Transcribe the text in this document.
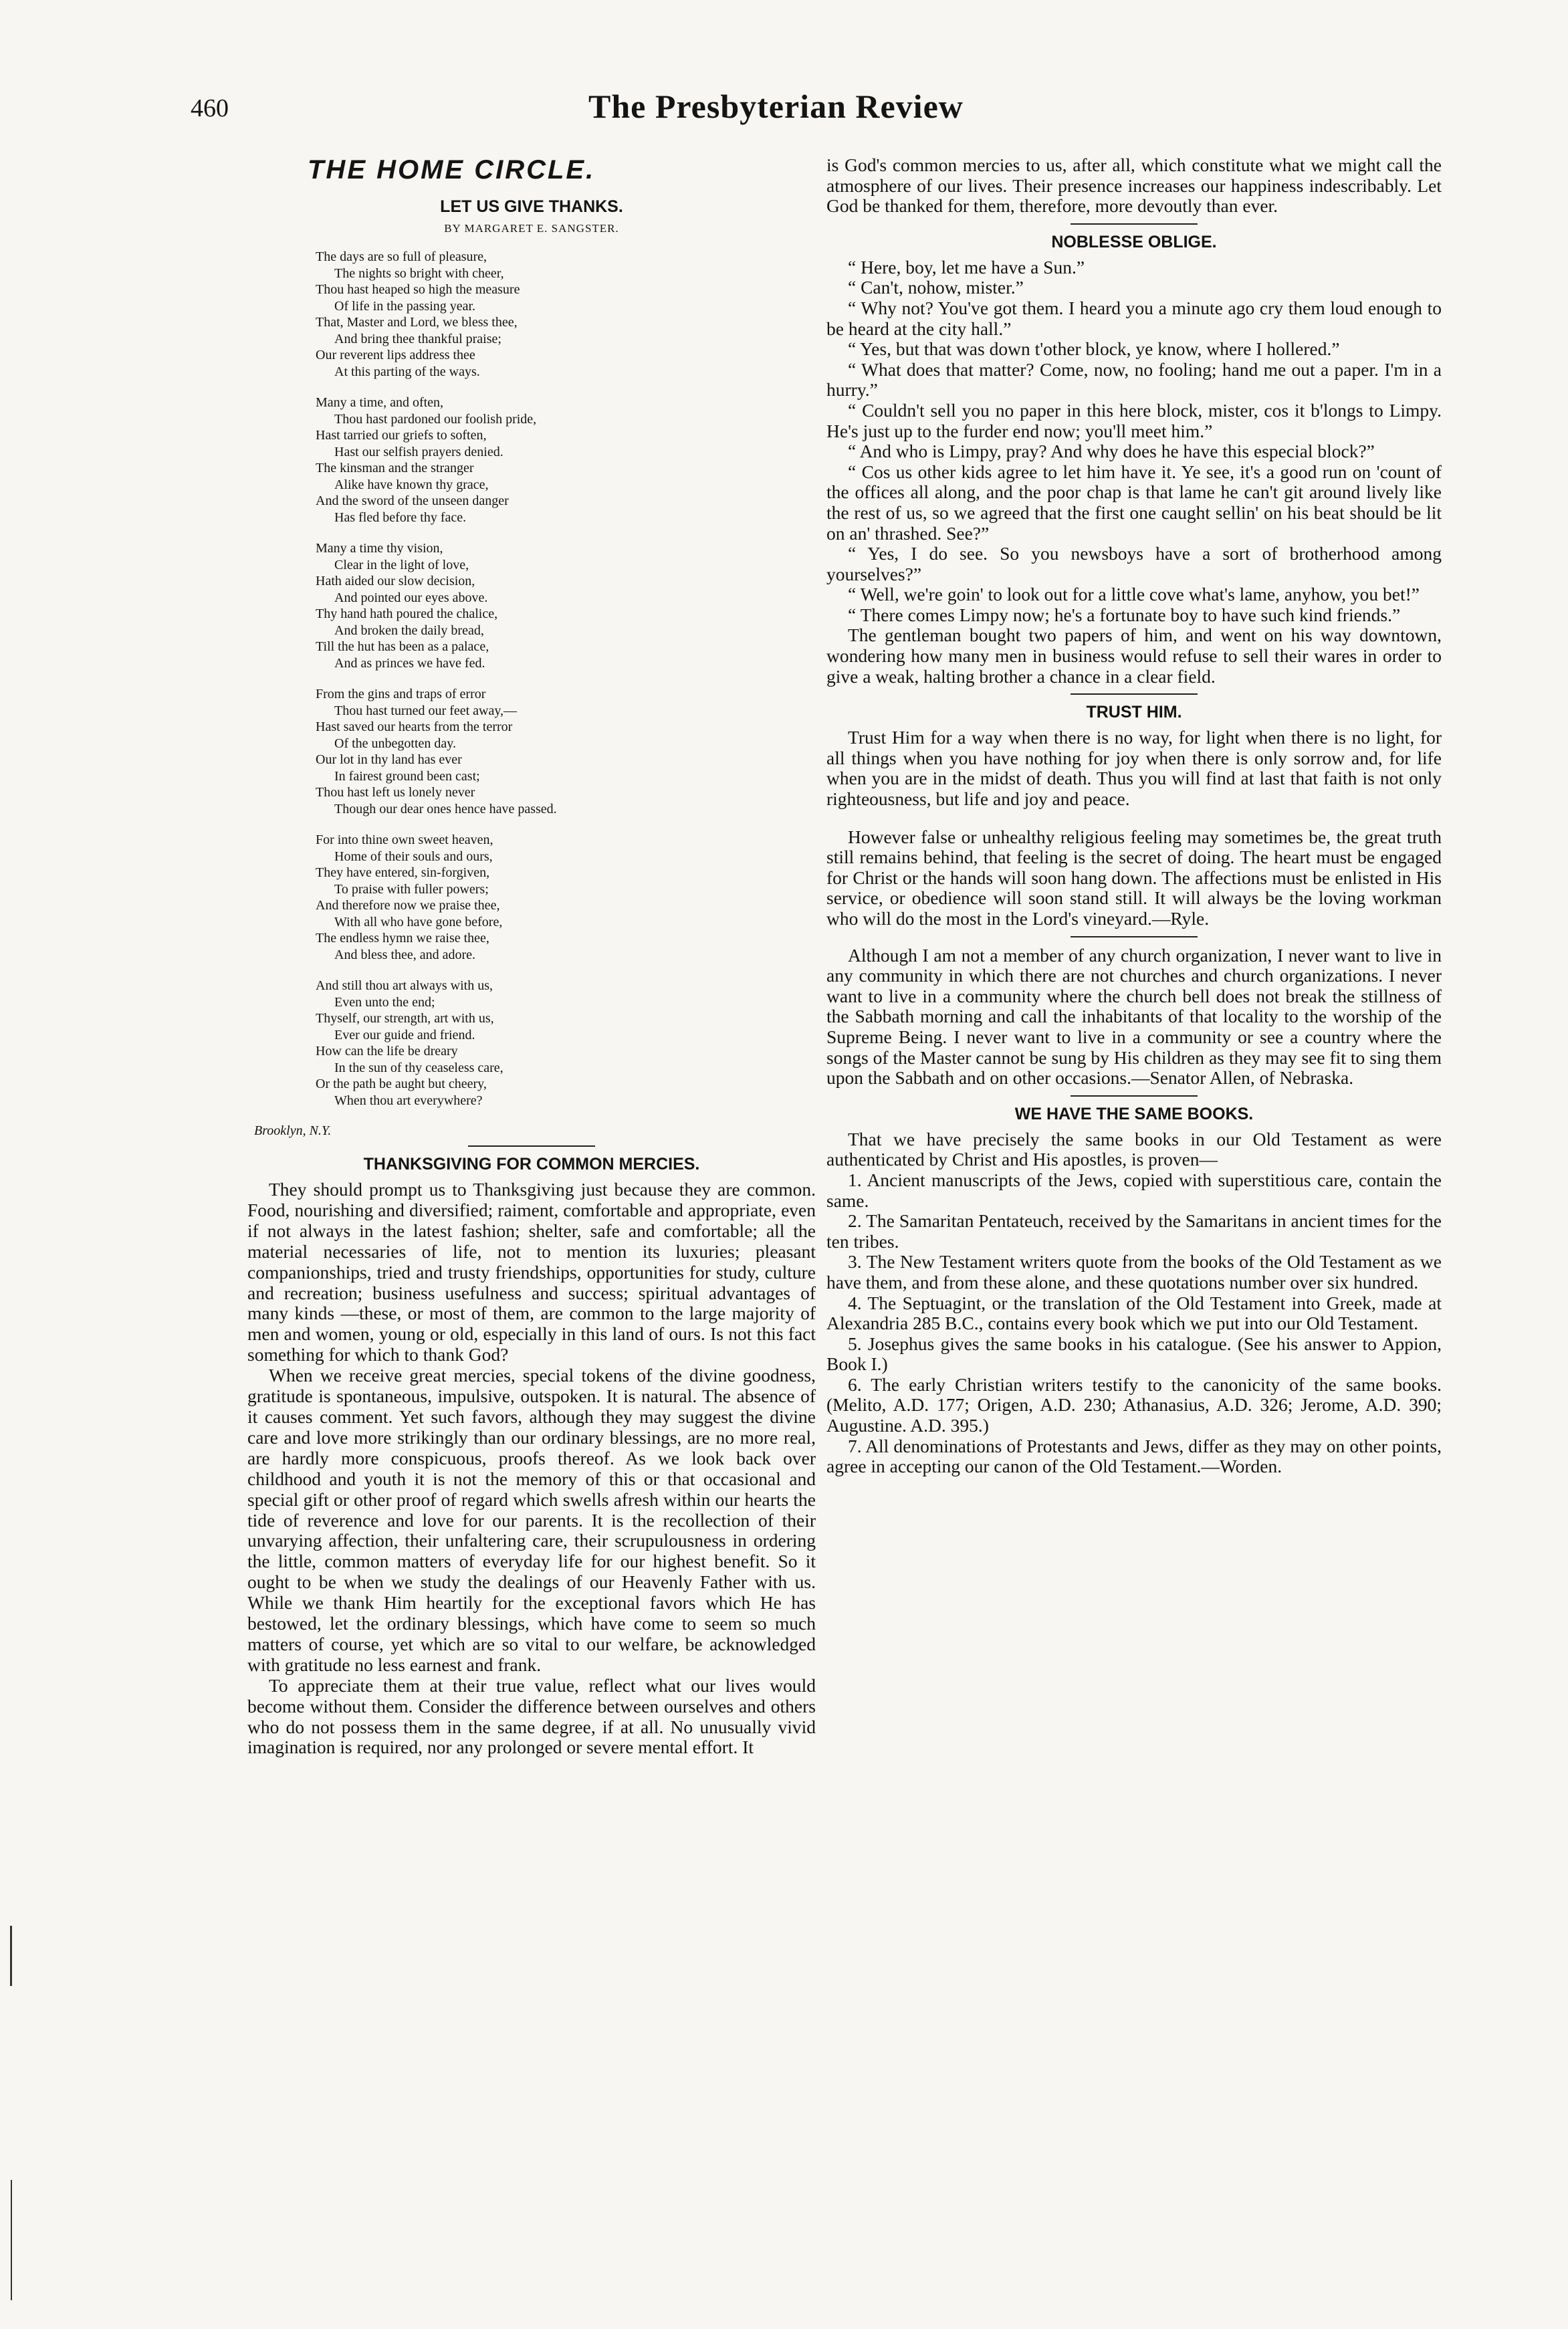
460	The Presbyterian Review
THE HOME CIRCLE.
LET US GIVE THANKS.
BY MARGARET E. SANGSTER.
The days are so full of pleasure,
The nights so bright with cheer,
Thou hast heaped so high the measure
Of life in the passing year.
That, Master and Lord, we bless thee,
And bring thee thankful praise;
Our reverent lips address thee
At this parting of the ways.
Many a time, and often,
Thou hast pardoned our foolish pride,
Hast tarried our griefs to soften,
Hast our selfish prayers denied.
The kinsman and the stranger
Alike have known thy grace,
And the sword of the unseen danger
Has fled before thy face.
Many a time thy vision,
Clear in the light of love,
Hath aided our slow decision,
And pointed our eyes above.
Thy hand hath poured the chalice,
And broken the daily bread,
Till the hut has been as a palace,
And as princes we have fed.
From the gins and traps of error
Thou hast turned our feet away,—
Hast saved our hearts from the terror
Of the unbegotten day.
Our lot in thy land has ever
In fairest ground been cast;
Thou hast left us lonely never
Though our dear ones hence have passed.
For into thine own sweet heaven,
Home of their souls and ours,
They have entered, sin-forgiven,
To praise with fuller powers;
And therefore now we praise thee,
With all who have gone before,
The endless hymn we raise thee,
And bless thee, and adore.
And still thou art always with us,
Even unto the end;
Thyself, our strength, art with us,
Ever our guide and friend.
How can the life be dreary
In the sun of thy ceaseless care,
Or the path be aught but cheery,
When thou art everywhere?
Brooklyn, N.Y.
THANKSGIVING FOR COMMON MERCIES.

They should prompt us to Thanksgiving just because they are common. Food, nourishing and diversified; raiment, comfortable and appropriate, even if not always in the latest fashion; shelter, safe and comfortable; all the material necessaries of life, not to mention its luxuries; pleasant companionships, tried and trusty friendships, opportunities for study, culture and recreation; business usefulness and success; spiritual advantages of many kinds —these, or most of them, are common to the large majority of men and women, young or old, especially in this land of ours. Is not this fact something for which to thank God?

When we receive great mercies, special tokens of the divine goodness, gratitude is spontaneous, impulsive, outspoken. It is natural. The absence of it causes comment. Yet such favors, although they may suggest the divine care and love more strikingly than our ordinary blessings, are no more real, are hardly more conspicuous, proofs thereof. As we look back over childhood and youth it is not the memory of this or that occasional and special gift or other proof of regard which swells afresh within our hearts the tide of reverence and love for our parents. It is the recollection of their unvarying affection, their unfaltering care, their scrupulousness in ordering the little, common matters of everyday life for our highest benefit. So it ought to be when we study the dealings of our Heavenly Father with us. While we thank Him heartily for the exceptional favors which He has bestowed, let the ordinary blessings, which have come to seem so much matters of course, yet which are so vital to our welfare, be acknowledged with gratitude no less earnest and frank.

To appreciate them at their true value, reflect what our lives would become without them. Consider the difference between ourselves and others who do not possess them in the same degree, if at all. No unusually vivid imagination is required, nor any prolonged or severe mental effort. It

is God's common mercies to us, after all, which constitute what we might call the atmosphere of our lives. Their presence increases our happiness indescribably. Let God be thanked for them, therefore, more devoutly than ever.

NOBLESSE OBLIGE.

“ Here, boy, let me have a Sun.”

“ Can't, nohow, mister.”

“ Why not? You've got them. I heard you a minute ago cry them loud enough to be heard at the city hall.”

“ Yes, but that was down t'other block, ye know, where I hollered.”

“ What does that matter? Come, now, no fooling; hand me out a paper. I'm in a hurry.”

“ Couldn't sell you no paper in this here block, mister, cos it b'longs to Limpy. He's just up to the furder end now; you'll meet him.”

“ And who is Limpy, pray? And why does he have this especial block?”

“ Cos us other kids agree to let him have it. Ye see, it's a good run on 'count of the offices all along, and the poor chap is that lame he can't git around lively like the rest of us, so we agreed that the first one caught sellin' on his beat should be lit on an' thrashed. See?”

“ Yes, I do see. So you newsboys have a sort of brotherhood among yourselves?”

“ Well, we're goin' to look out for a little cove what's lame, anyhow, you bet!”

“ There comes Limpy now; he's a fortunate boy to have such kind friends.”

The gentleman bought two papers of him, and went on his way downtown, wondering how many men in business would refuse to sell their wares in order to give a weak, halting brother a chance in a clear field.

TRUST HIM.

Trust Him for a way when there is no way, for light when there is no light, for all things when you have nothing for joy when there is only sorrow and, for life when you are in the midst of death. Thus you will find at last that faith is not only righteousness, but life and joy and peace.

However false or unhealthy religious feeling may sometimes be, the great truth still remains behind, that feeling is the secret of doing. The heart must be engaged for Christ or the hands will soon hang down. The affections must be enlisted in His service, or obedience will soon stand still. It will always be the loving workman who will do the most in the Lord's vineyard.—Ryle.

Although I am not a member of any church organization, I never want to live in any community in which there are not churches and church organizations. I never want to live in a community where the church bell does not break the stillness of the Sabbath morning and call the inhabitants of that locality to the worship of the Supreme Being. I never want to live in a community or see a country where the songs of the Master cannot be sung by His children as they may see fit to sing them upon the Sabbath and on other occasions.—Senator Allen, of Nebraska.

WE HAVE THE SAME BOOKS.

That we have precisely the same books in our Old Testament as were authenticated by Christ and His apostles, is proven—

1. Ancient manuscripts of the Jews, copied with superstitious care, contain the same.

2. The Samaritan Pentateuch, received by the Samaritans in ancient times for the ten tribes.

3. The New Testament writers quote from the books of the Old Testament as we have them, and from these alone, and these quotations number over six hundred.

4. The Septuagint, or the translation of the Old Testament into Greek, made at Alexandria 285 B.C., contains every book which we put into our Old Testament.

5. Josephus gives the same books in his catalogue. (See his answer to Appion, Book I.)

6. The early Christian writers testify to the canonicity of the same books. (Melito, A.D. 177; Origen, A.D. 230; Athanasius, A.D. 326; Jerome, A.D. 390; Augustine. A.D. 395.)

7. All denominations of Protestants and Jews, differ as they may on other points, agree in accepting our canon of the Old Testament.—Worden.
